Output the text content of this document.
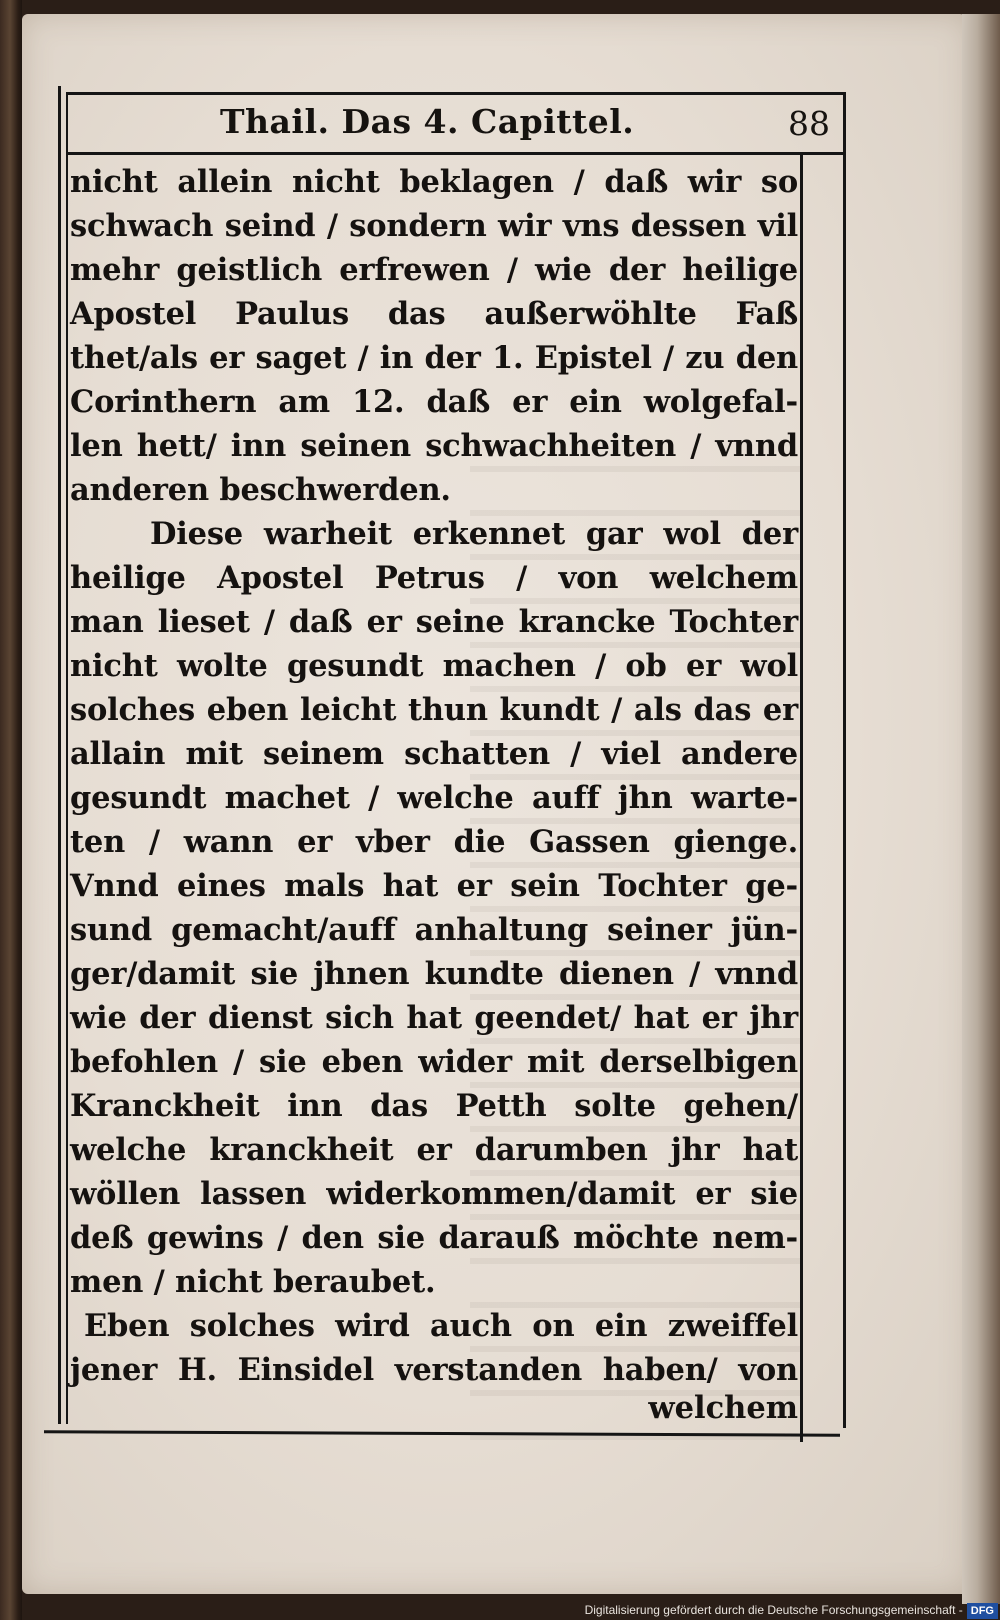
Thail. Das 4. Capittel.	88
nicht allein nicht beklagen / daß wir so
schwach seind / sondern wir vns dessen vil
mehr geistlich erfrewen / wie der heilige
Apostel Paulus das außerwöhlte Faß
thet/als er saget / in der 1. Epistel / zu den
Corinthern am 12. daß er ein wolgefal-
len hett/ inn seinen schwachheiten / vnnd
anderen beschwerden.
Diese warheit erkennet gar wol der
heilige Apostel Petrus / von welchem
man lieset / daß er seine krancke Tochter
nicht wolte gesundt machen / ob er wol
solches eben leicht thun kundt / als das er
allain mit seinem schatten / viel andere
gesundt machet / welche auff jhn warte-
ten / wann er vber die Gassen gienge.
Vnnd eines mals hat er sein Tochter ge-
sund gemacht/auff anhaltung seiner jün-
ger/damit sie jhnen kundte dienen / vnnd
wie der dienst sich hat geendet/ hat er jhr
befohlen / sie eben wider mit derselbigen
Kranckheit inn das Petth solte gehen/
welche kranckheit er darumben jhr hat
wöllen lassen widerkommen/damit er sie
deß gewins / den sie darauß möchte nem-
men / nicht beraubet.
Eben solches wird auch on ein zweiffel
jener H. Einsidel verstanden haben/ von
welchem
Digitalisierung gefördert durch die Deutsche Forschungsgemeinschaft - DFG
